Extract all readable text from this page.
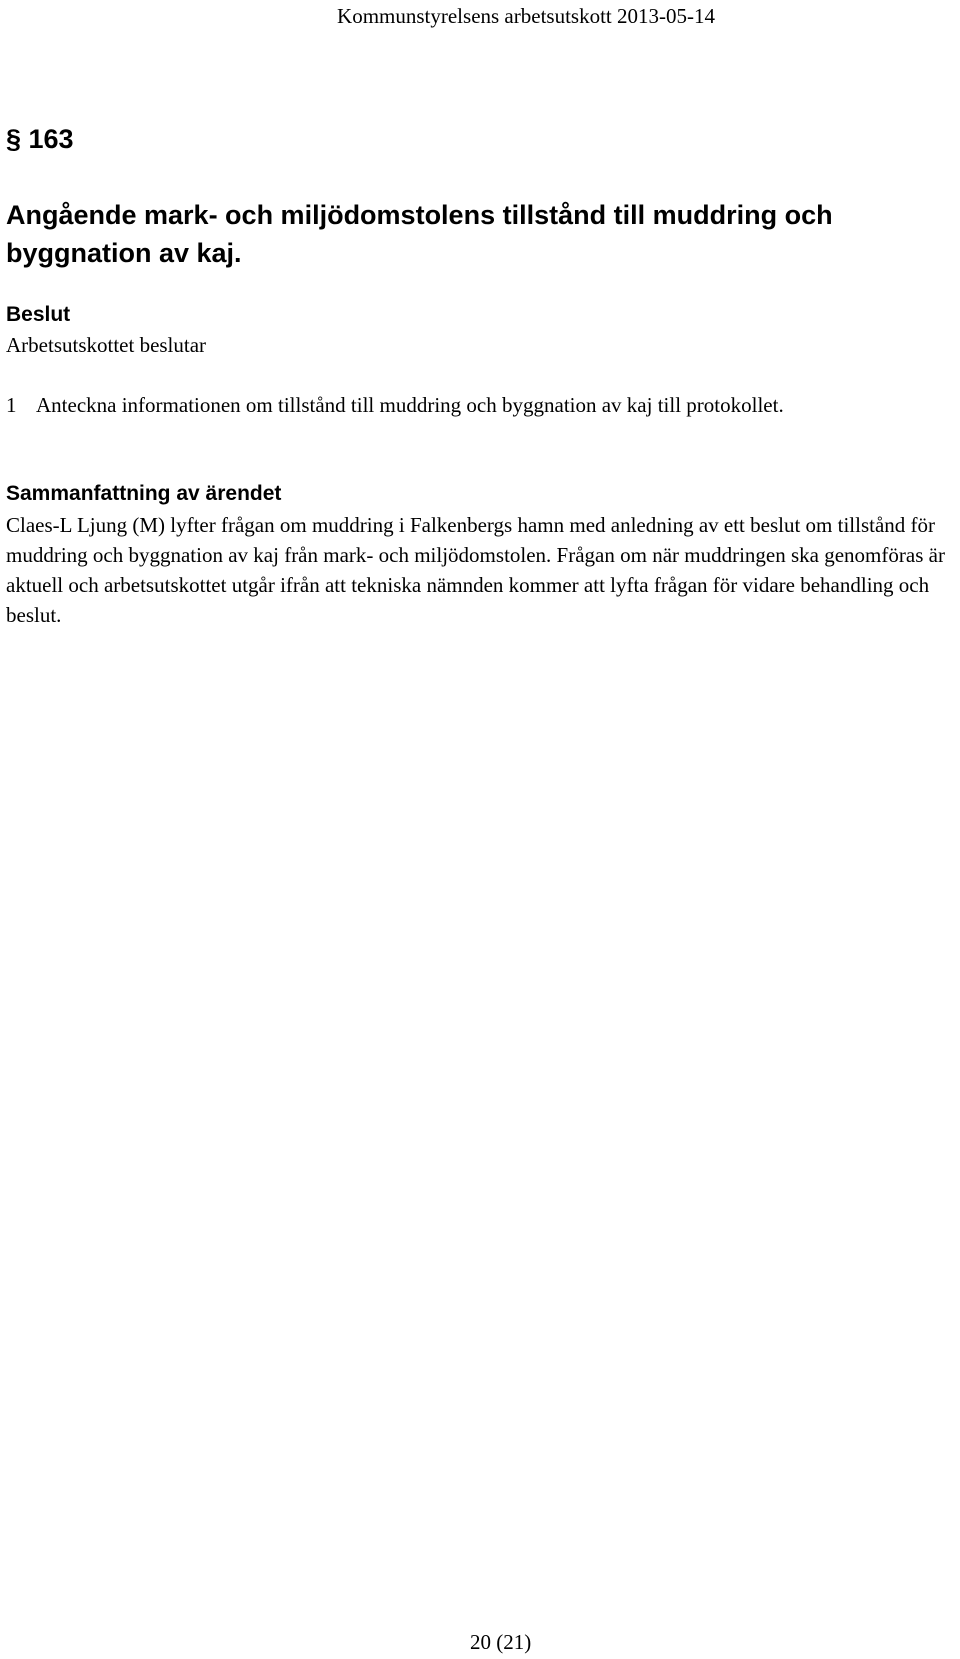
Kommunstyrelsens arbetsutskott 2013-05-14
§ 163
Angående mark- och miljödomstolens tillstånd till muddring och byggnation av kaj.
Beslut
Arbetsutskottet beslutar
1 Anteckna informationen om tillstånd till muddring och byggnation av kaj till protokollet.
Sammanfattning av ärendet

Claes-L Ljung (M) lyfter frågan om muddring i Falkenbergs hamn med anledning av ett beslut om tillstånd för muddring och byggnation av kaj från mark- och miljödomstolen. Frågan om när muddringen ska genomföras är aktuell och arbetsutskottet utgår ifrån att tekniska nämnden kommer att lyfta frågan för vidare behandling och beslut.

20 (21)
